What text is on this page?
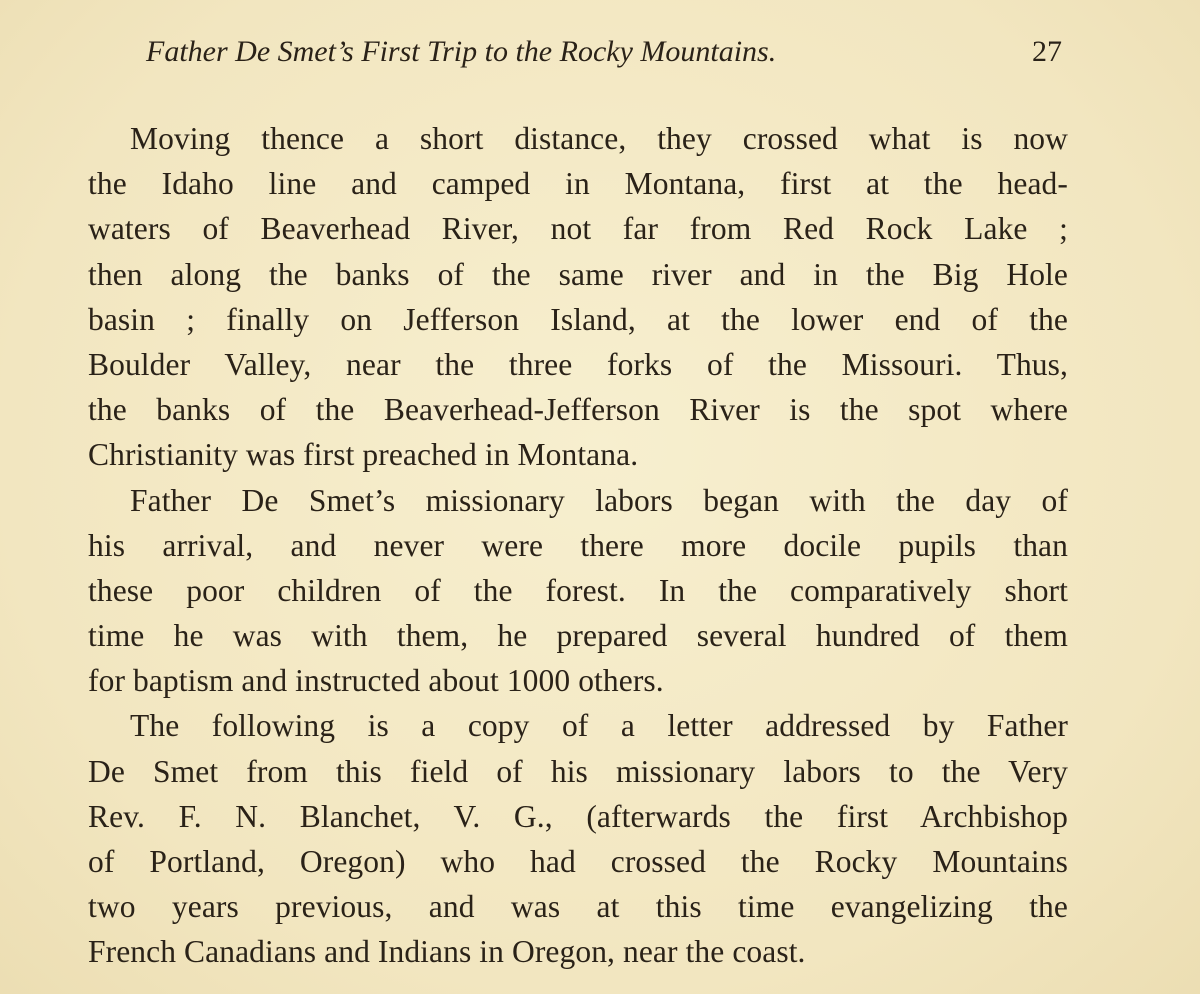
Father De Smet’s First Trip to the Rocky Mountains.	27
Moving thence a short distance, they crossed what is now
the Idaho line and camped in Montana, first at the head-
waters of Beaverhead River, not far from Red Rock Lake ;
then along the banks of the same river and in the Big Hole
basin ; finally on Jefferson Island, at the lower end of the
Boulder Valley, near the three forks of the Missouri. Thus,
the banks of the Beaverhead-Jefferson River is the spot where
Christianity was first preached in Montana.
Father De Smet’s missionary labors began with the day of
his arrival, and never were there more docile pupils than
these poor children of the forest. In the comparatively short
time he was with them, he prepared several hundred of them
for baptism and instructed about 1000 others.
The following is a copy of a letter addressed by Father
De Smet from this field of his missionary labors to the Very
Rev. F. N. Blanchet, V. G., (afterwards the first Archbishop
of Portland, Oregon) who had crossed the Rocky Mountains
two years previous, and was at this time evangelizing the
French Canadians and Indians in Oregon, near the coast.
